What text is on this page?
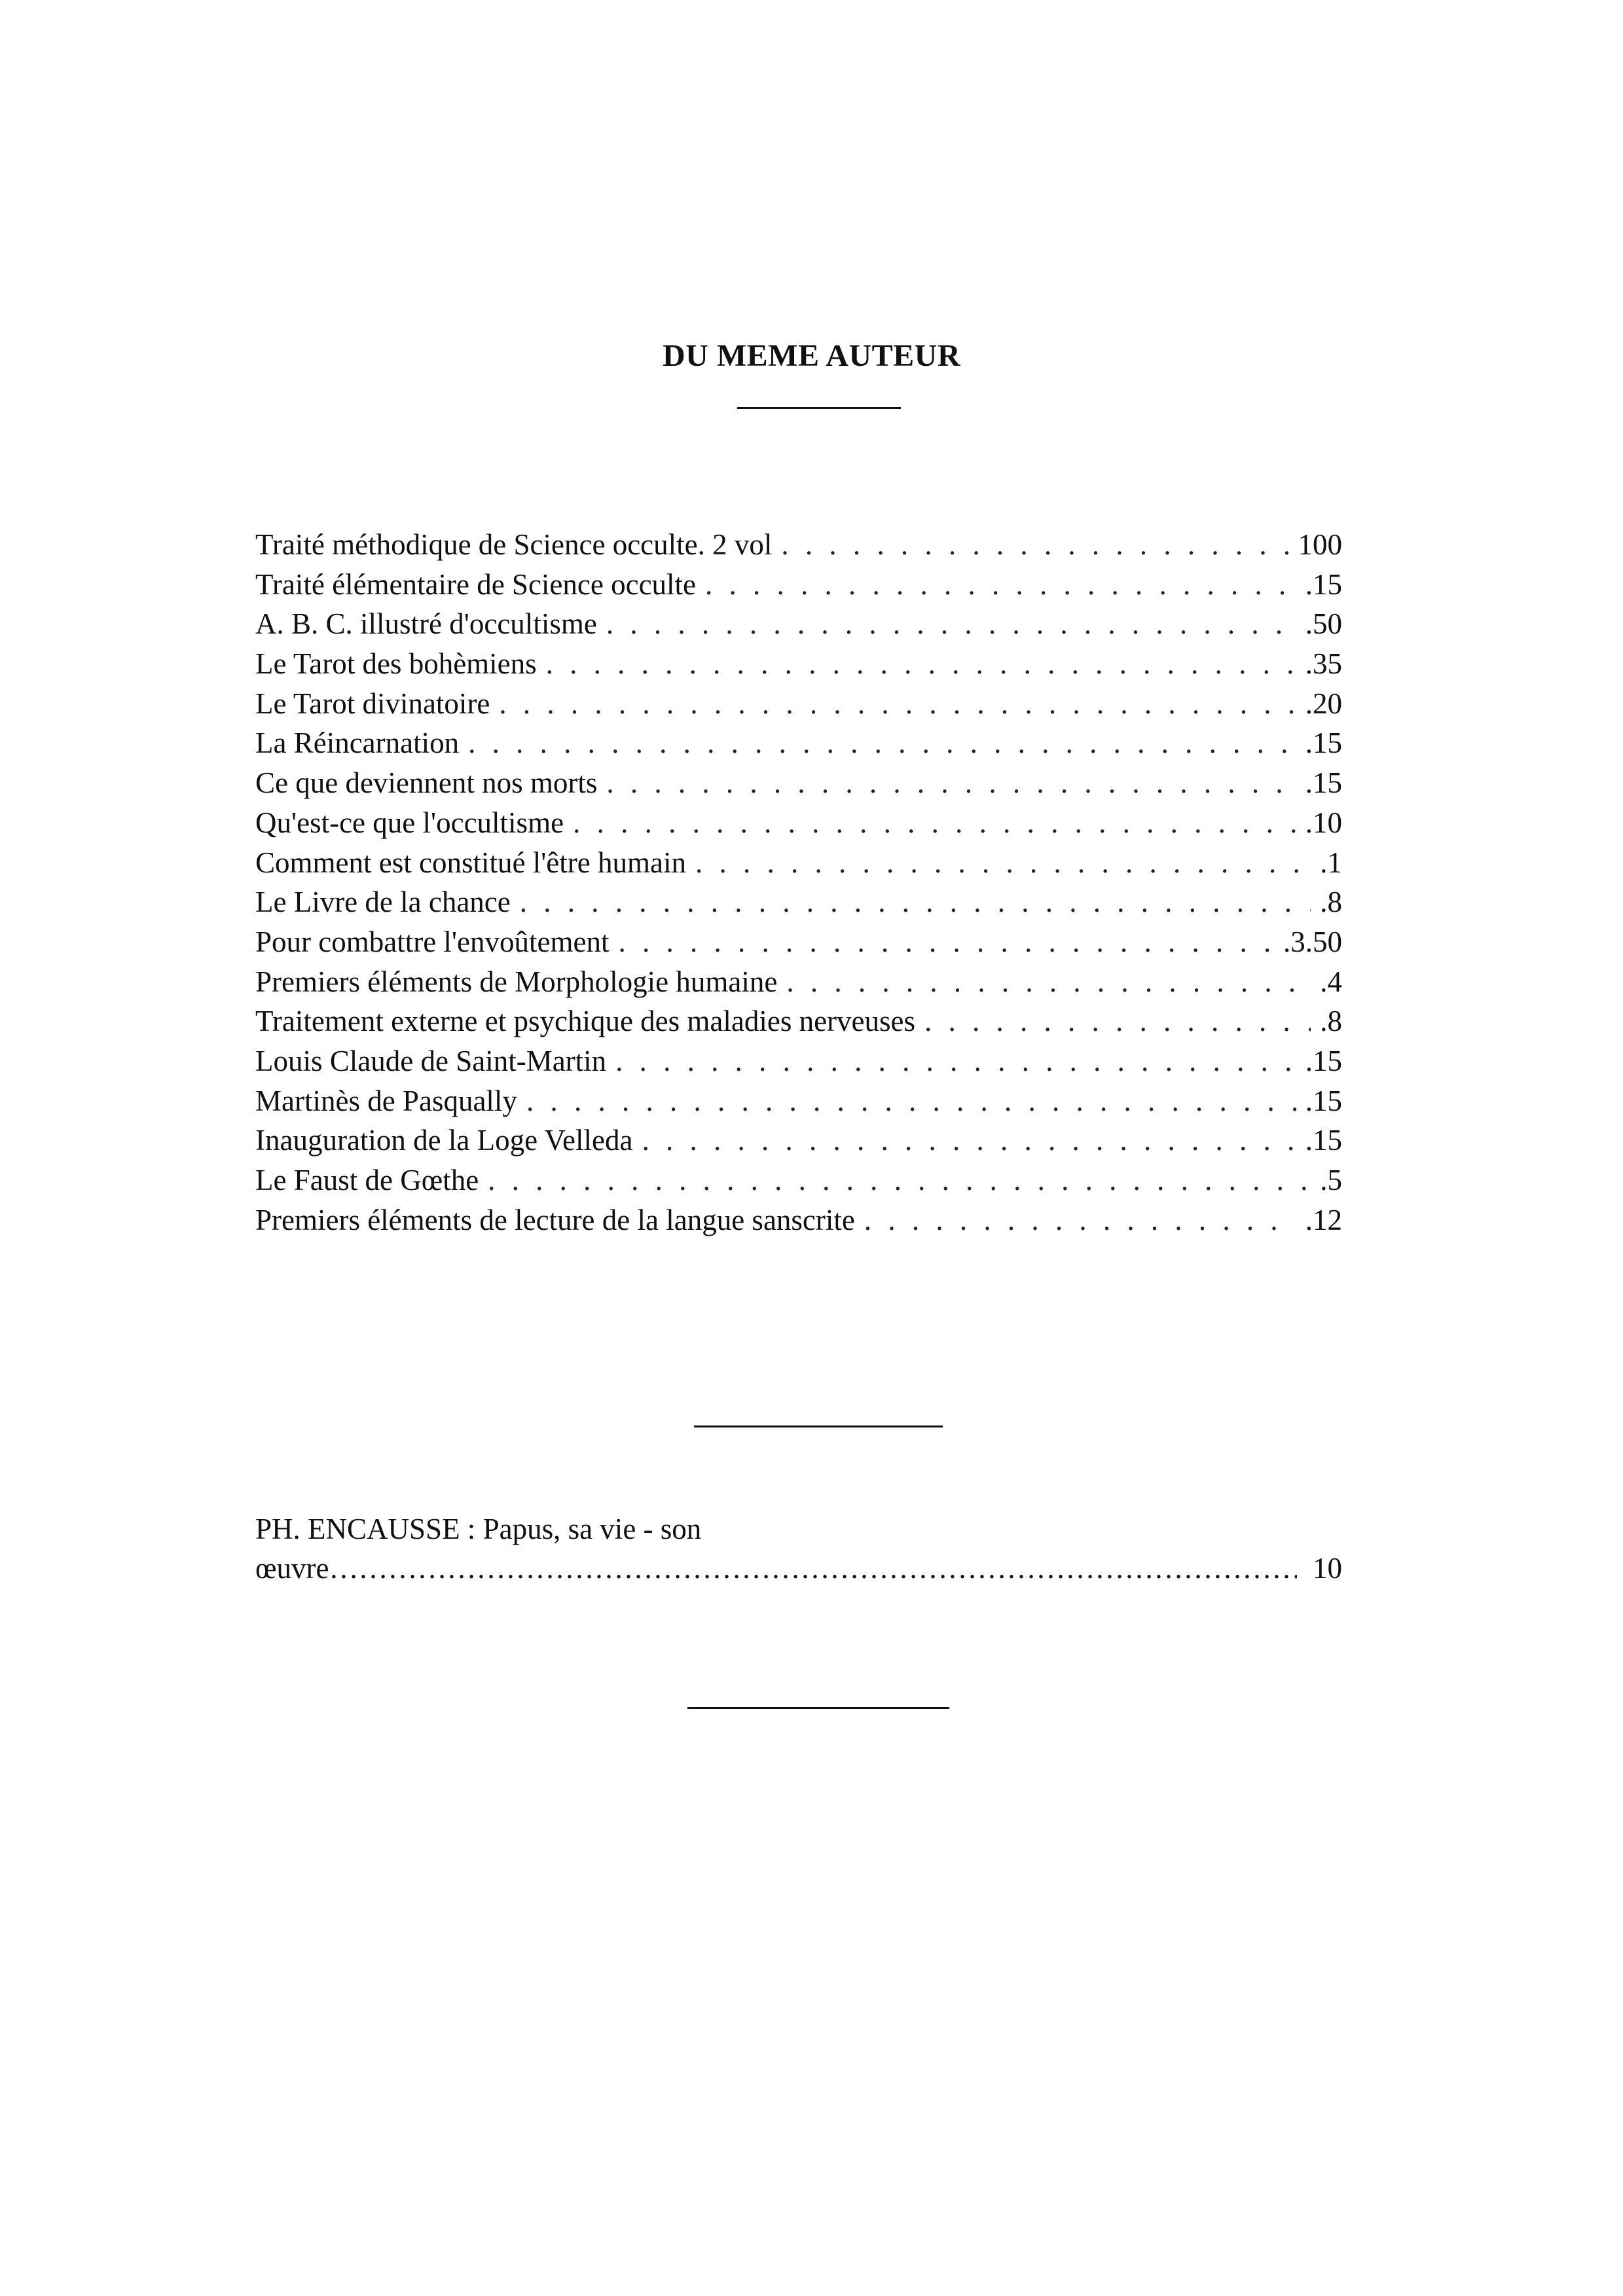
DU MEME AUTEUR
Traité méthodique de Science occulte. 2 vol . . .	100
Traité élémentaire de Science occulte . . .	.15
A. B. C. illustré d'occultisme . . .	.50
Le Tarot des bohèmiens . . .	.35
Le Tarot divinatoire . . .	.20
La Réincarnation . . .	.15
Ce que deviennent nos morts . . .	.15
Qu'est-ce que l'occultisme . . .	.10
Comment est constitué l'être humain . . .	.1
Le Livre de la chance . . .	.8
Pour combattre l'envoûtement . . .	.3.50
Premiers éléments de Morphologie humaine . . .	.4
Traitement externe et psychique des maladies nerveuses . . .	.8
Louis Claude de Saint-Martin . . .	.15
Martinès de Pasqually . . .	.15
Inauguration de la Loge Velleda . . .	.15
Le Faust de Gœthe . . .	.5
Premiers éléments de lecture de la langue sanscrite . . .	.12
PH. ENCAUSSE : Papus, sa vie - son
œuvre ……………………………………………………………………………………………………………………………………………………	10
